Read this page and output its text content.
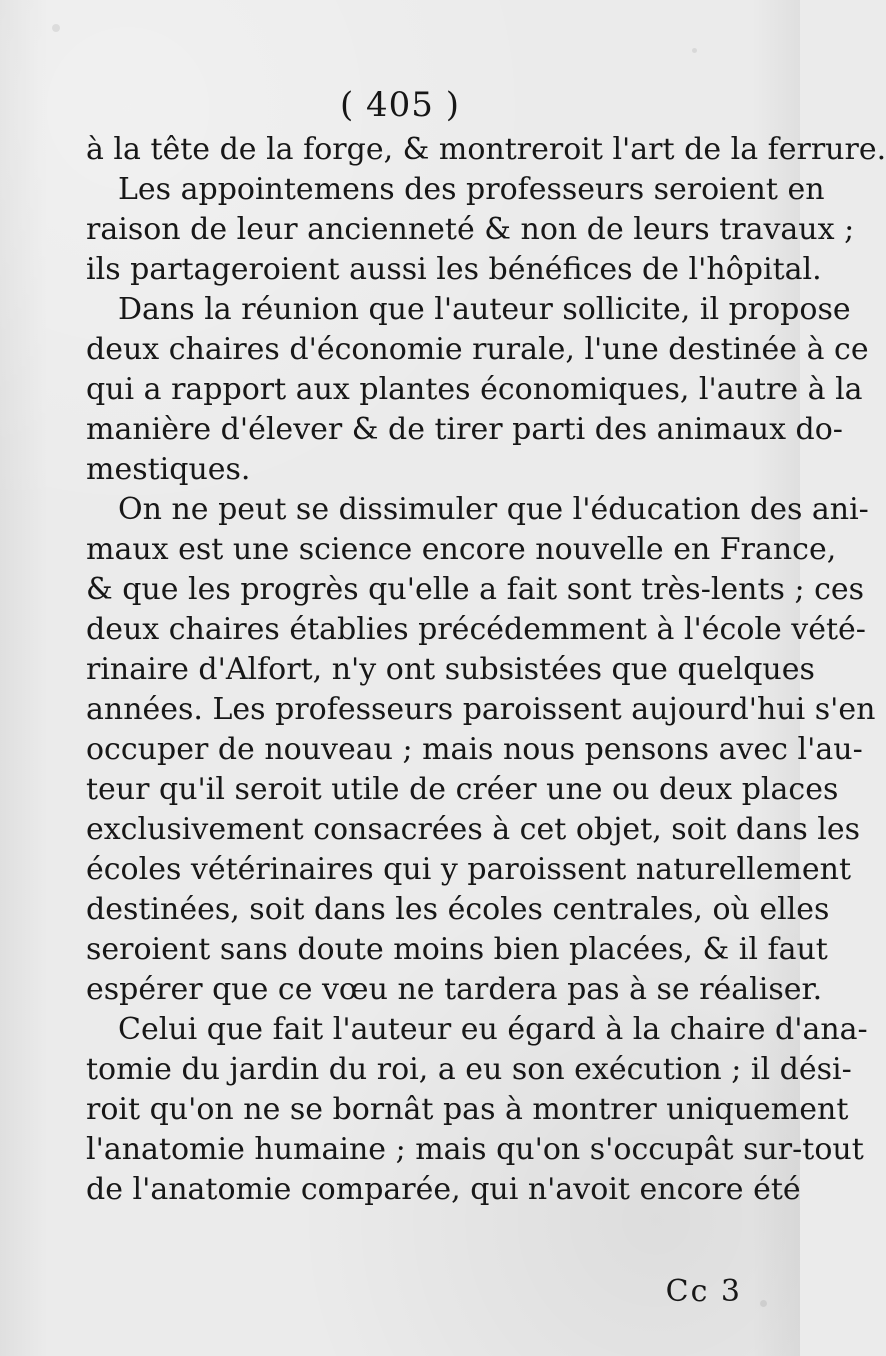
( 405 )
à la tête de la forge, & montreroit l'art de la ferrure.
Les appointemens des professeurs seroient en
raison de leur ancienneté & non de leurs travaux ;
ils partageroient aussi les bénéfices de l'hôpital.
Dans la réunion que l'auteur sollicite, il propose
deux chaires d'économie rurale, l'une destinée à ce
qui a rapport aux plantes économiques, l'autre à la
manière d'élever & de tirer parti des animaux do-
mestiques.
On ne peut se dissimuler que l'éducation des ani-
maux est une science encore nouvelle en France,
& que les progrès qu'elle a fait sont très-lents ; ces
deux chaires établies précédemment à l'école vété-
rinaire d'Alfort, n'y ont subsistées que quelques
années. Les professeurs paroissent aujourd'hui s'en
occuper de nouveau ; mais nous pensons avec l'au-
teur qu'il seroit utile de créer une ou deux places
exclusivement consacrées à cet objet, soit dans les
écoles vétérinaires qui y paroissent naturellement
destinées, soit dans les écoles centrales, où elles
seroient sans doute moins bien placées, & il faut
espérer que ce vœu ne tardera pas à se réaliser.
Celui que fait l'auteur eu égard à la chaire d'ana-
tomie du jardin du roi, a eu son exécution ; il dési-
roit qu'on ne se bornât pas à montrer uniquement
l'anatomie humaine ; mais qu'on s'occupât sur-tout
de l'anatomie comparée, qui n'avoit encore été
Cc 3
